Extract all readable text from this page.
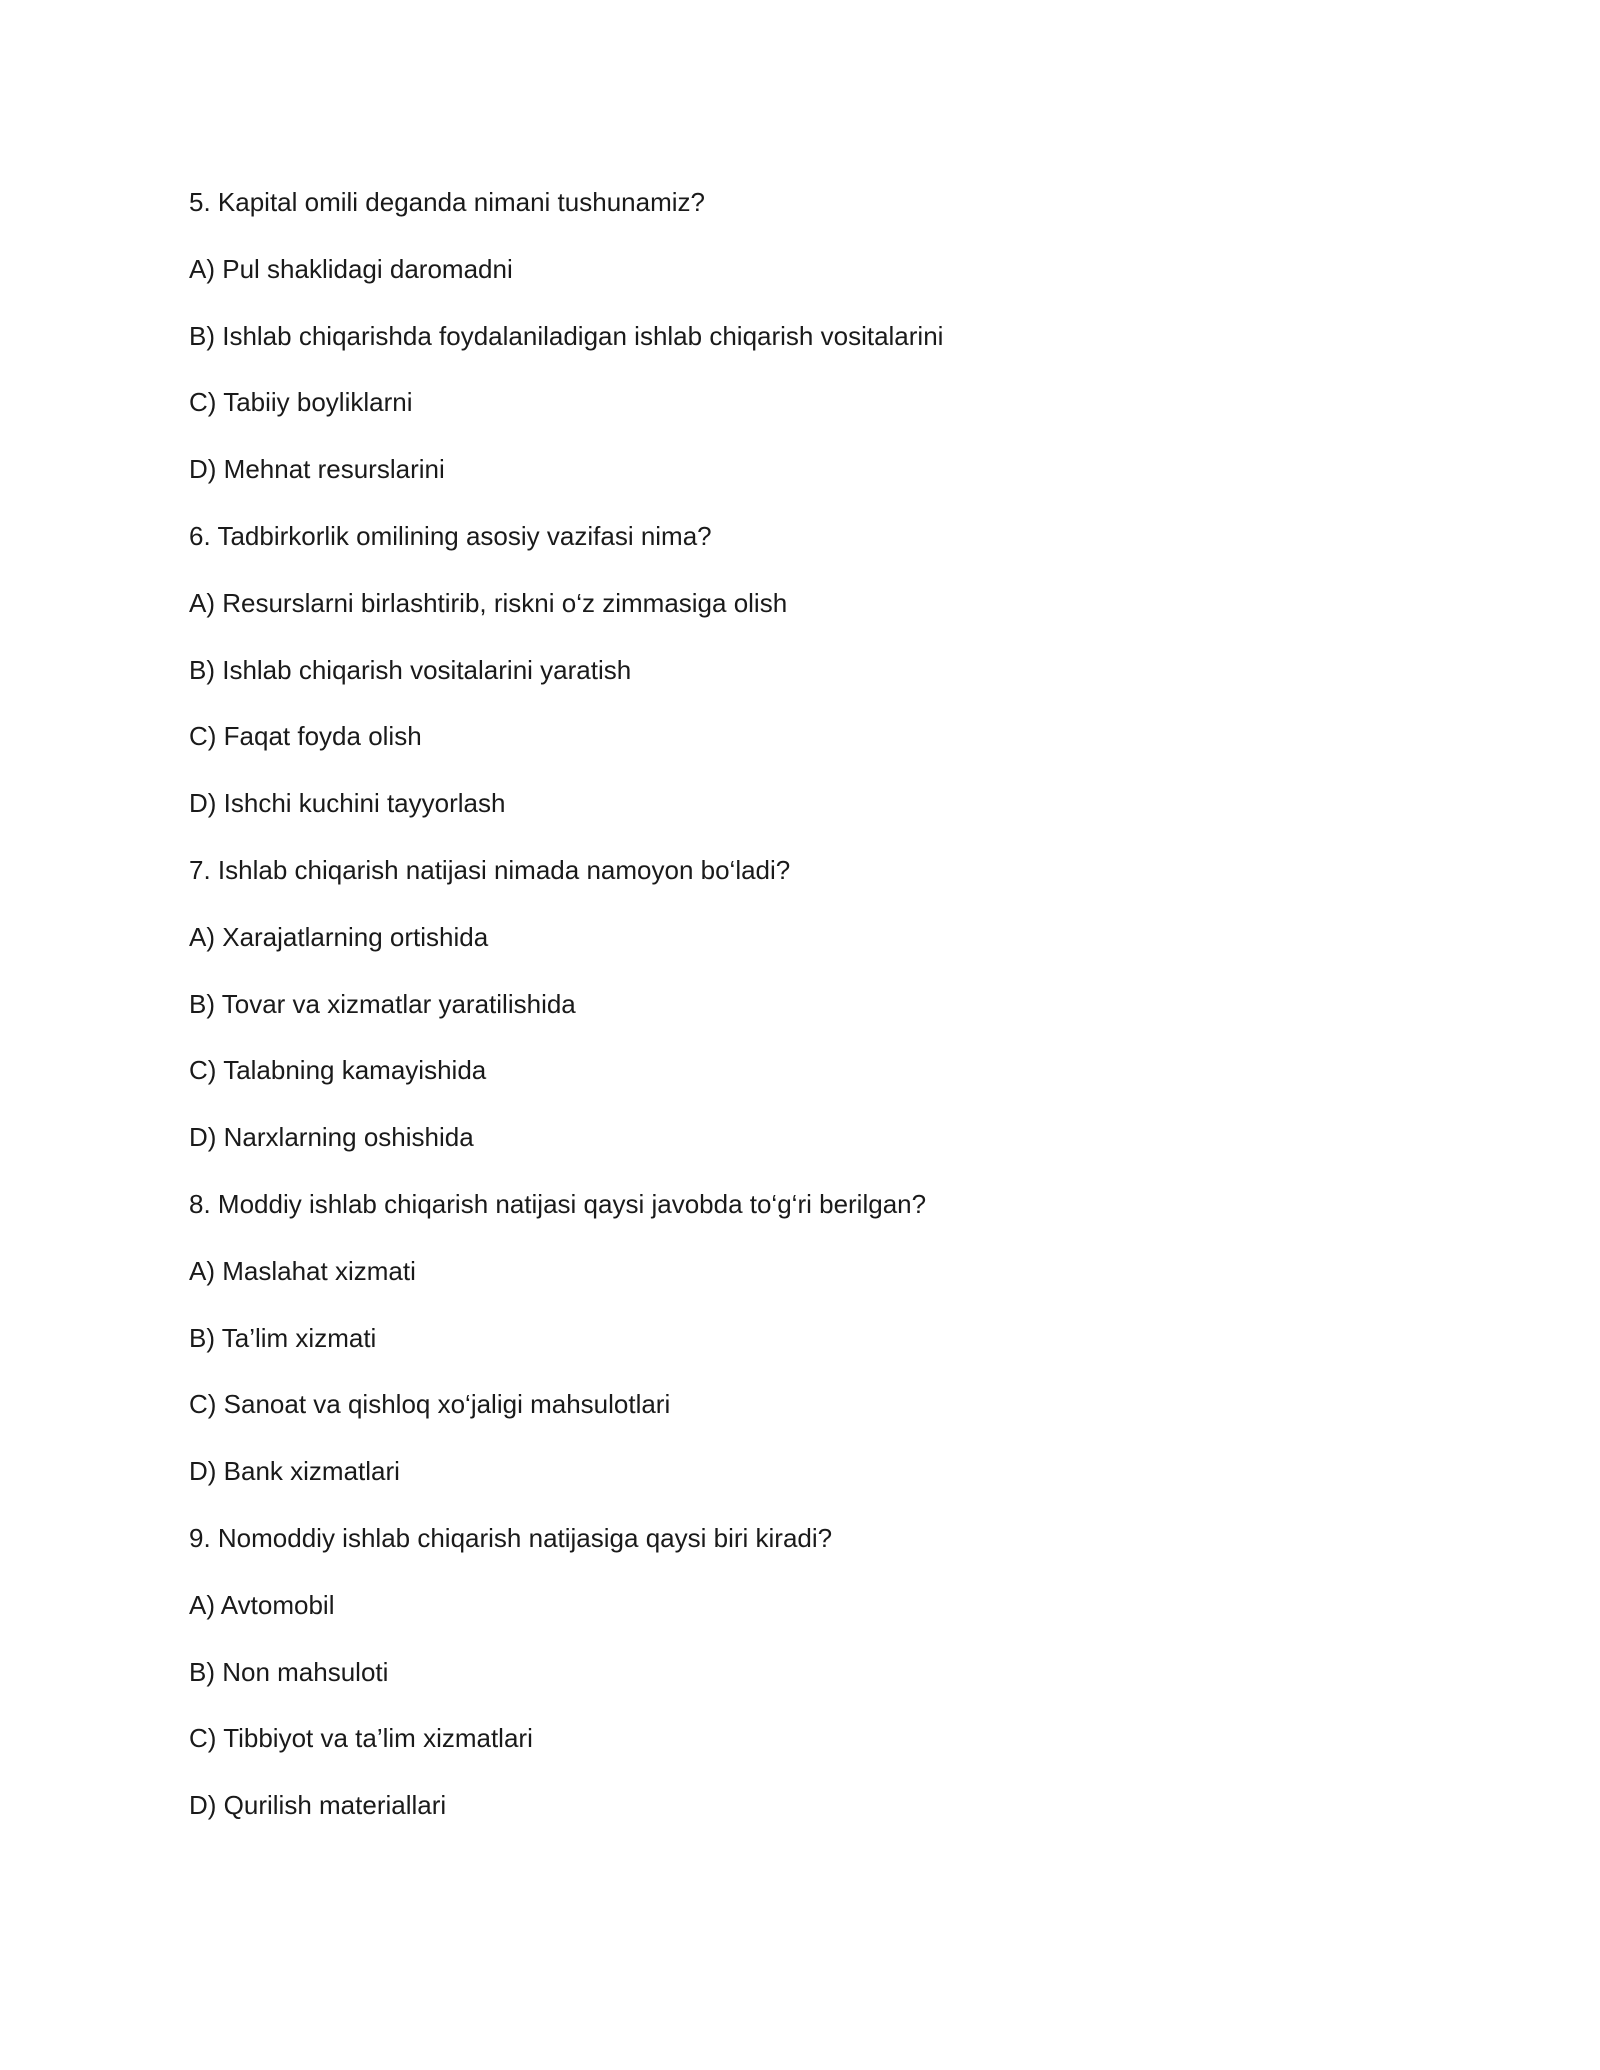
5. Kapital omili deganda nimani tushunamiz?
A) Pul shaklidagi daromadni
B) Ishlab chiqarishda foydalaniladigan ishlab chiqarish vositalarini
C) Tabiiy boyliklarni
D) Mehnat resurslarini
6. Tadbirkorlik omilining asosiy vazifasi nima?
A) Resurslarni birlashtirib, riskni o‘z zimmasiga olish
B) Ishlab chiqarish vositalarini yaratish
C) Faqat foyda olish
D) Ishchi kuchini tayyorlash
7. Ishlab chiqarish natijasi nimada namoyon bo‘ladi?
A) Xarajatlarning ortishida
B) Tovar va xizmatlar yaratilishida
C) Talabning kamayishida
D) Narxlarning oshishida
8. Moddiy ishlab chiqarish natijasi qaysi javobda to‘g‘ri berilgan?
A) Maslahat xizmati
B) Ta’lim xizmati
C) Sanoat va qishloq xo‘jaligi mahsulotlari
D) Bank xizmatlari
9. Nomoddiy ishlab chiqarish natijasiga qaysi biri kiradi?
A) Avtomobil
B) Non mahsuloti
C) Tibbiyot va ta’lim xizmatlari
D) Qurilish materiallari
